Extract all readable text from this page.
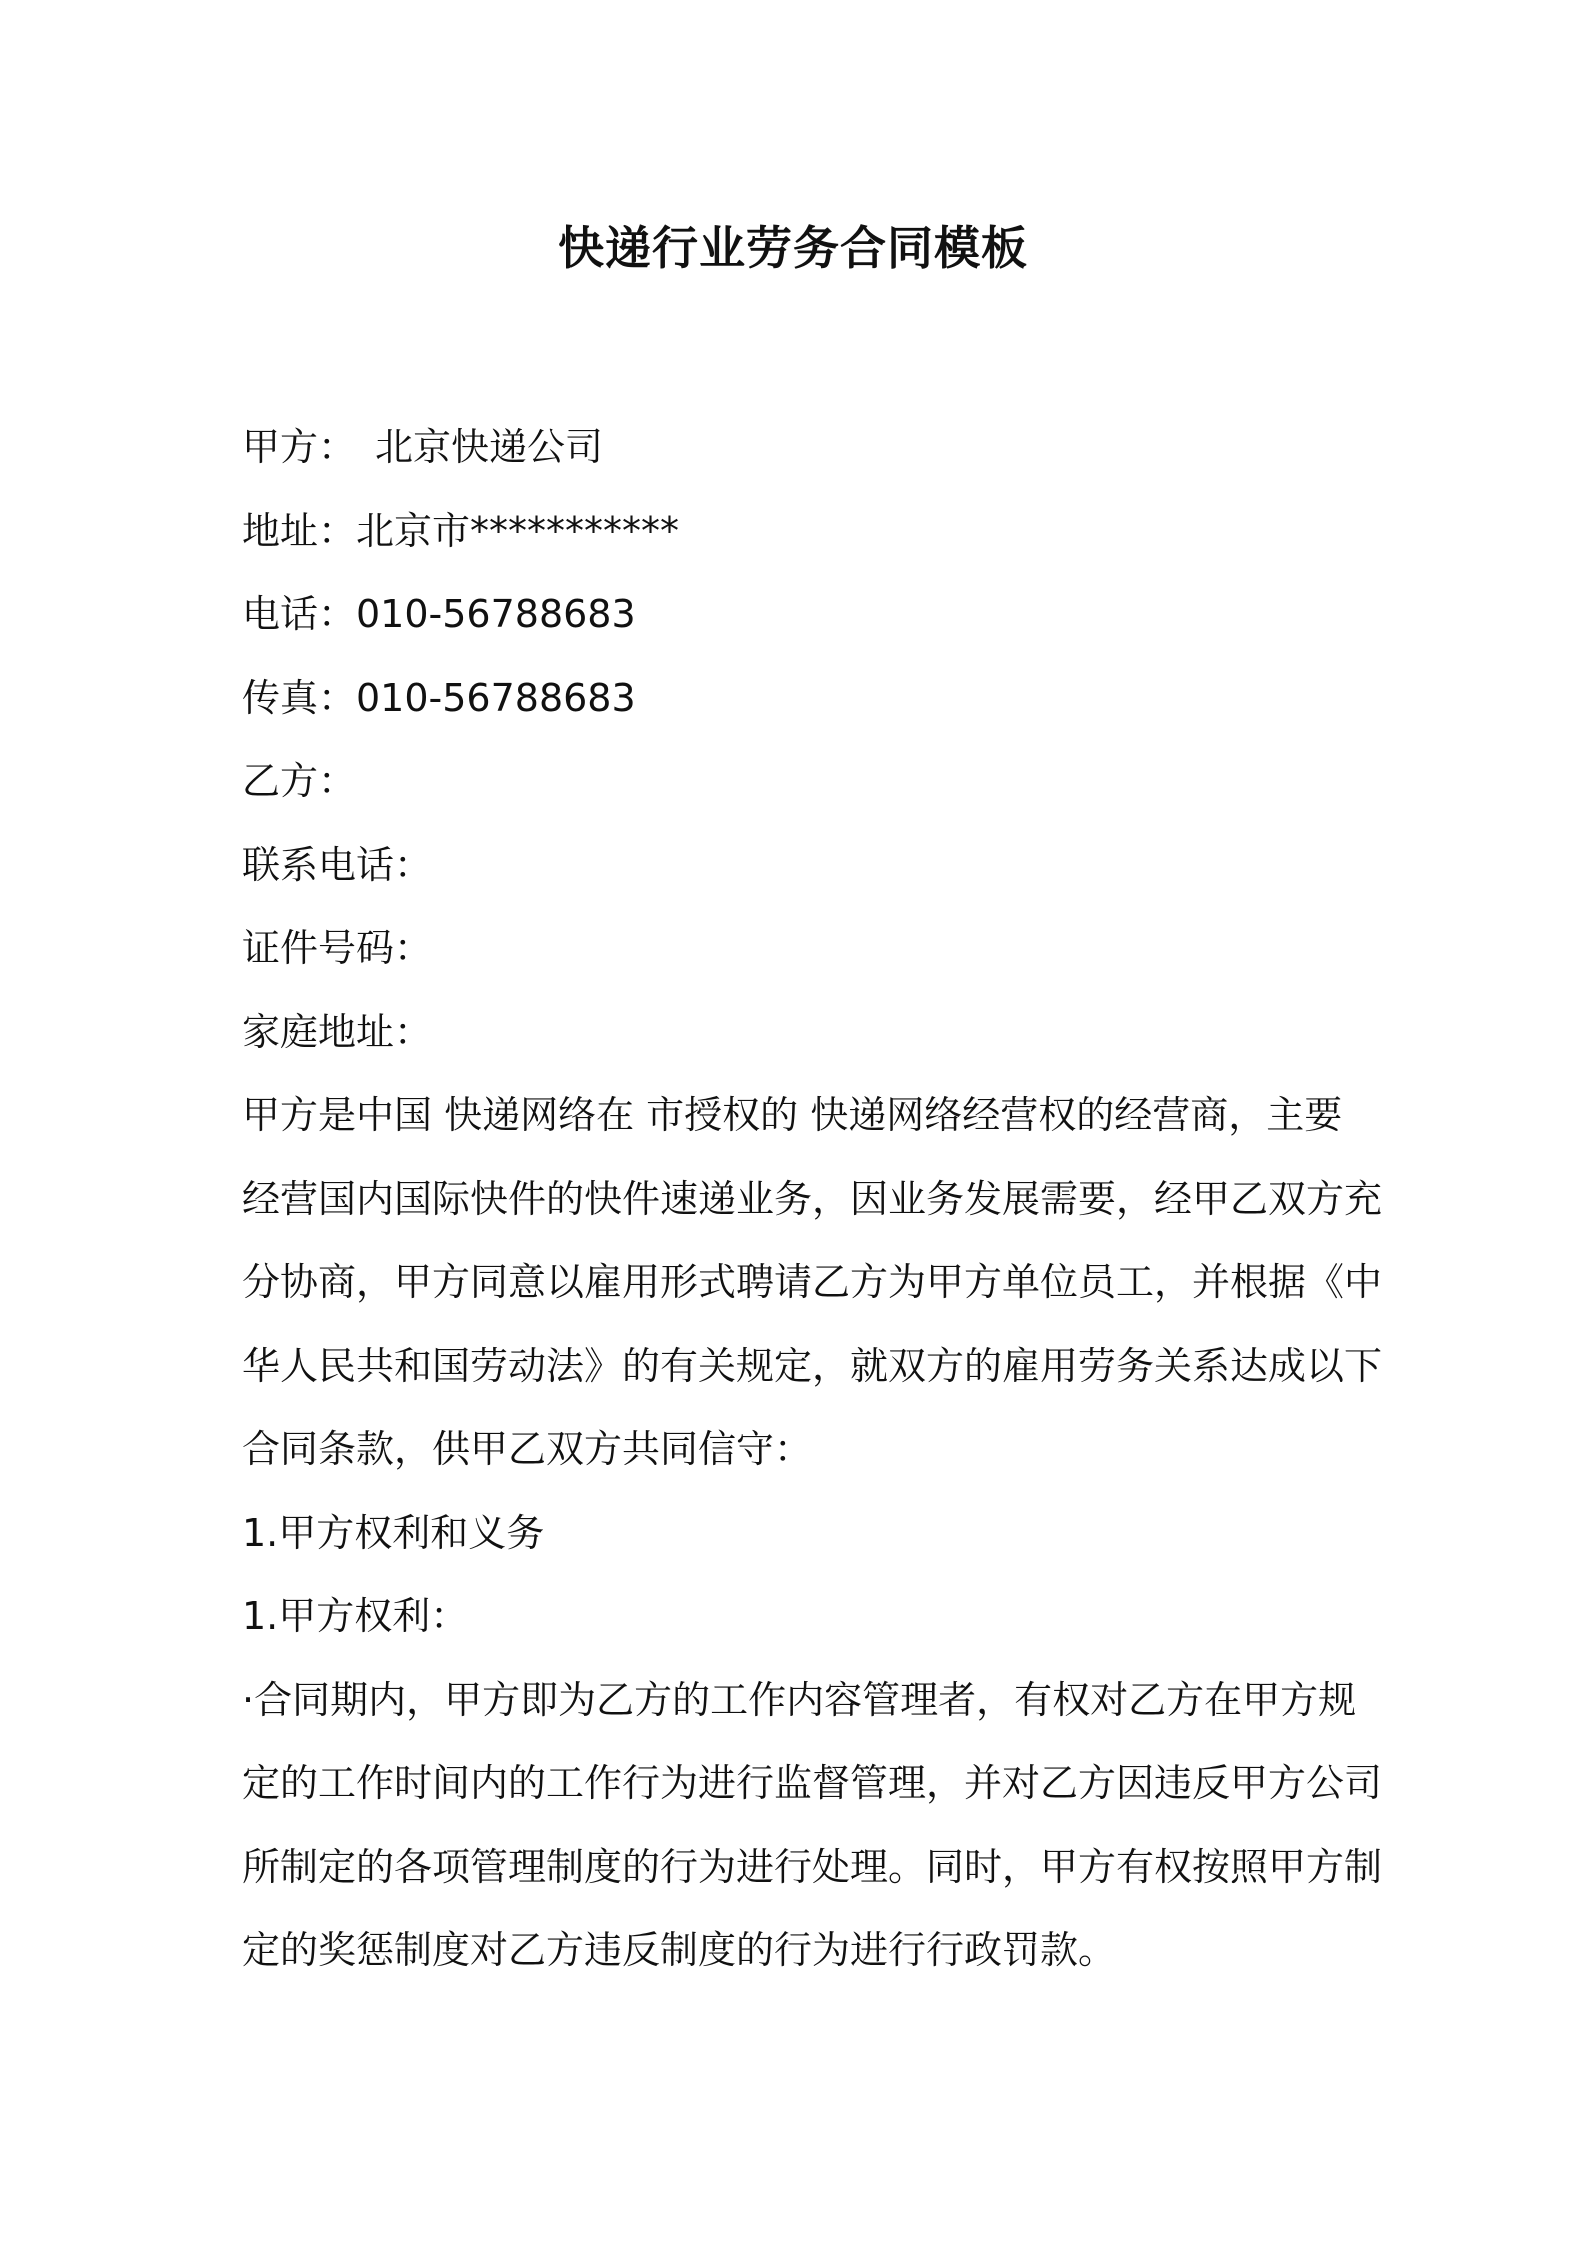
快递行业劳务合同模板
甲方：　北京快递公司
地址：北京市***********
电话：010-56788683
传真：010-56788683
乙方：
联系电话：
证件号码：
家庭地址：
甲方是中国 快递网络在 市授权的 快递网络经营权的经营商，主要
经营国内国际快件的快件速递业务，因业务发展需要，经甲乙双方充
分协商，甲方同意以雇用形式聘请乙方为甲方单位员工，并根据《中
华人民共和国劳动法》的有关规定，就双方的雇用劳务关系达成以下
合同条款，供甲乙双方共同信守：
1.甲方权利和义务
1.甲方权利：
·合同期内，甲方即为乙方的工作内容管理者，有权对乙方在甲方规
定的工作时间内的工作行为进行监督管理，并对乙方因违反甲方公司
所制定的各项管理制度的行为进行处理。同时，甲方有权按照甲方制
定的奖惩制度对乙方违反制度的行为进行行政罚款。
